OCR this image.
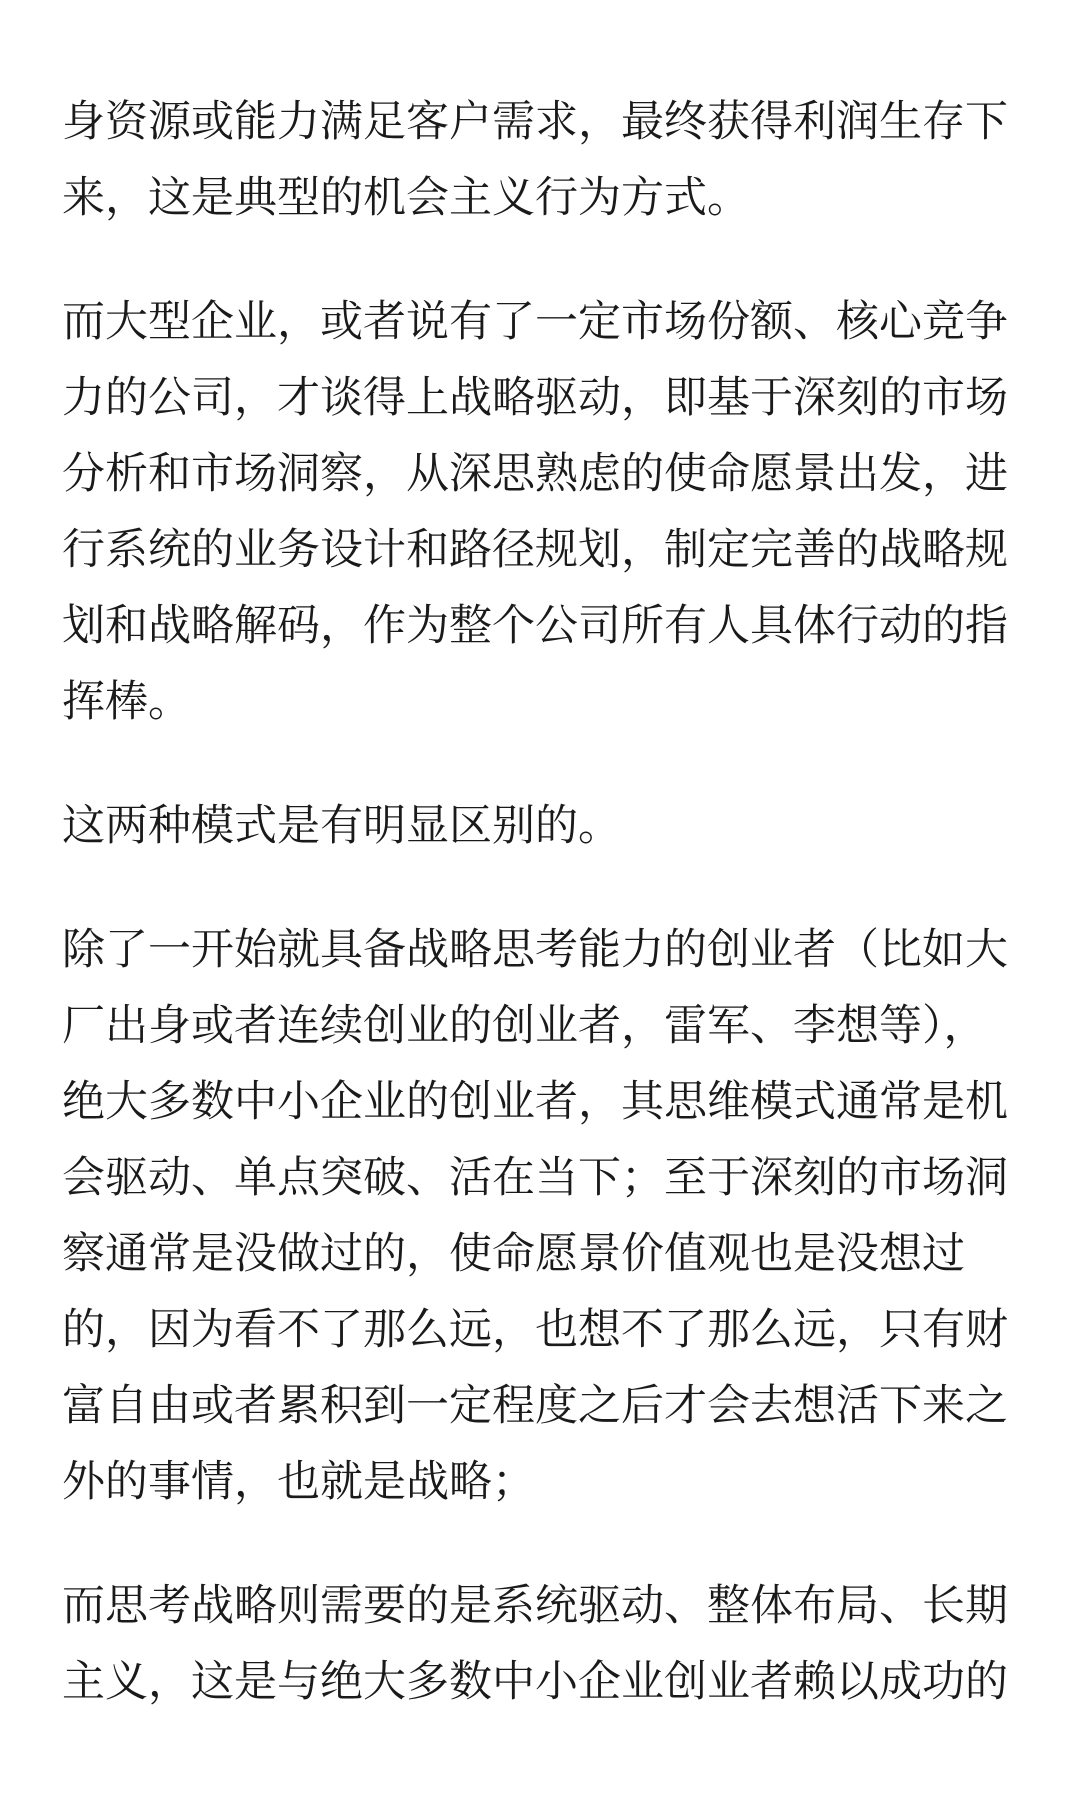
身资源或能力满足客户需求，最终获得利润生存下
来，这是典型的机会主义行为方式。

而大型企业，或者说有了一定市场份额、核心竞争
力的公司，才谈得上战略驱动，即基于深刻的市场
分析和市场洞察，从深思熟虑的使命愿景出发，进
行系统的业务设计和路径规划，制定完善的战略规
划和战略解码，作为整个公司所有人具体行动的指
挥棒。

这两种模式是有明显区别的。

除了一开始就具备战略思考能力的创业者（比如大
厂出身或者连续创业的创业者，雷军、李想等），
绝大多数中小企业的创业者，其思维模式通常是机
会驱动、单点突破、活在当下；至于深刻的市场洞
察通常是没做过的，使命愿景价值观也是没想过
的，因为看不了那么远，也想不了那么远，只有财
富自由或者累积到一定程度之后才会去想活下来之
外的事情，也就是战略；

而思考战略则需要的是系统驱动、整体布局、长期
主义，这是与绝大多数中小企业创业者赖以成功的
